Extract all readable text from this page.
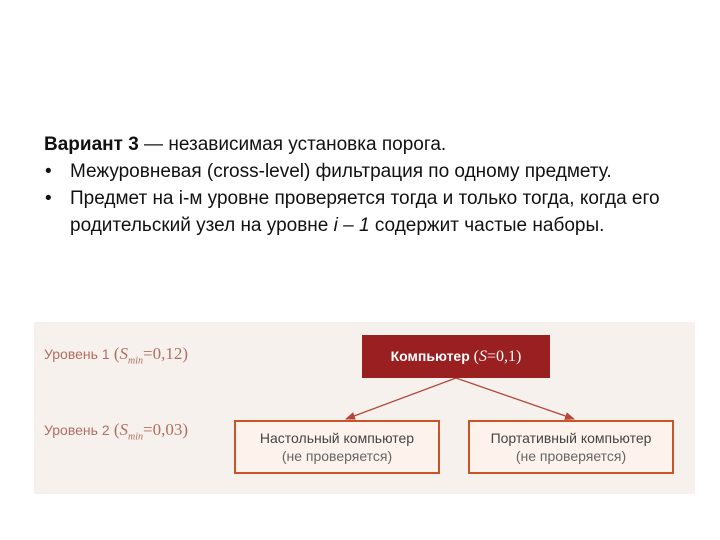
Вариант 3 — независимая установка порога.
• Межуровневая (cross-level) фильтрация по одному предмету.
• Предмет на i-м уровне проверяется тогда и только тогда, когда его родительский узел на уровне i – 1 содержит частые наборы.
Уровень 1 $(S_{min}=0,12)$
Уровень 2 $(S_{min}=0,03)$
Компьютер (S=0,1)
Настольный компьютер
(не проверяется)
Портативный компьютер
(не проверяется)
